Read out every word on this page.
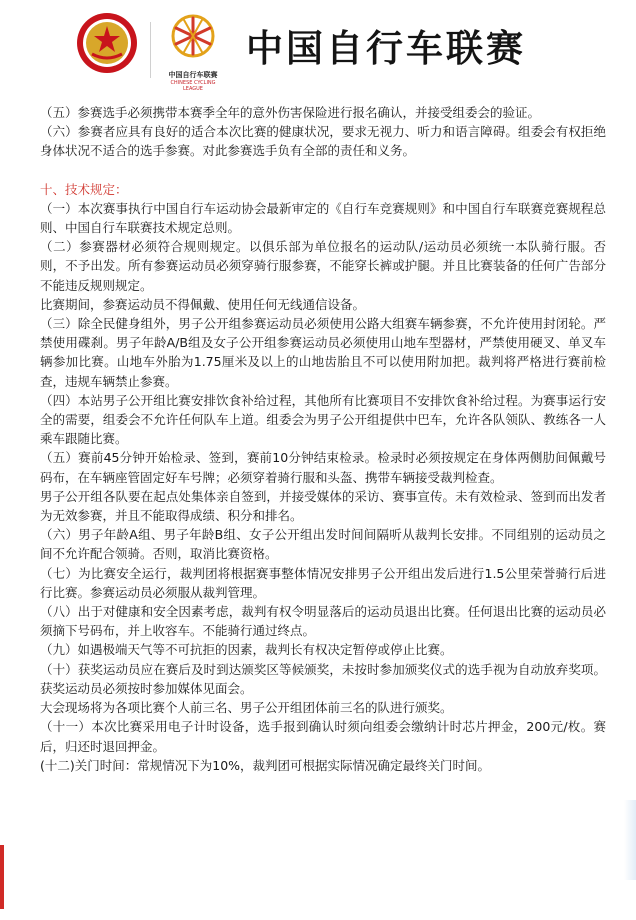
中国自行车联赛
CHINESE CYCLING LEAGUE
中国自行车联赛

（五）参赛选手必须携带本赛季全年的意外伤害保险进行报名确认，并接受组委会的验证。

（六）参赛者应具有良好的适合本次比赛的健康状况，要求无视力、听力和语言障碍。组委会有权拒绝身体状况不适合的选手参赛。对此参赛选手负有全部的责任和义务。

十、技术规定：

（一）本次赛事执行中国自行车运动协会最新审定的《自行车竞赛规则》和中国自行车联赛竞赛规程总则、中国自行车联赛技术规定总则。

（二）参赛器材必须符合规则规定。以俱乐部为单位报名的运动队/运动员必须统一本队骑行服。否则，不予出发。所有参赛运动员必须穿骑行服参赛，不能穿长裤或护腿。并且比赛装备的任何广告部分不能违反规则规定。

比赛期间，参赛运动员不得佩戴、使用任何无线通信设备。

（三）除全民健身组外，男子公开组参赛运动员必须使用公路大组赛车辆参赛，不允许使用封闭轮。严禁使用碟刹。男子年龄A/B组及女子公开组参赛运动员必须使用山地车型器材，严禁使用硬叉、单叉车辆参加比赛。山地车外胎为1.75厘米及以上的山地齿胎且不可以使用附加把。裁判将严格进行赛前检查，违规车辆禁止参赛。

（四）本站男子公开组比赛安排饮食补给过程，其他所有比赛项目不安排饮食补给过程。为赛事运行安全的需要，组委会不允许任何队车上道。组委会为男子公开组提供中巴车，允许各队领队、教练各一人乘车跟随比赛。

（五）赛前45分钟开始检录、签到，赛前10分钟结束检录。检录时必须按规定在身体两侧肋间佩戴号码布，在车辆座管固定好车号牌；必须穿着骑行服和头盔、携带车辆接受裁判检查。

男子公开组各队要在起点处集体亲自签到，并接受媒体的采访、赛事宣传。未有效检录、签到而出发者为无效参赛，并且不能取得成绩、积分和排名。

（六）男子年龄A组、男子年龄B组、女子公开组出发时间间隔听从裁判长安排。不同组别的运动员之间不允许配合领骑。否则，取消比赛资格。

（七）为比赛安全运行，裁判团将根据赛事整体情况安排男子公开组出发后进行1.5公里荣誉骑行后进行比赛。参赛运动员必须服从裁判管理。

（八）出于对健康和安全因素考虑，裁判有权令明显落后的运动员退出比赛。任何退出比赛的运动员必须摘下号码布，并上收容车。不能骑行通过终点。

（九）如遇极端天气等不可抗拒的因素，裁判长有权决定暂停或停止比赛。

（十）获奖运动员应在赛后及时到达颁奖区等候颁奖，未按时参加颁奖仪式的选手视为自动放弃奖项。获奖运动员必须按时参加媒体见面会。

大会现场将为各项比赛个人前三名、男子公开组团体前三名的队进行颁奖。

（十一）本次比赛采用电子计时设备，选手报到确认时须向组委会缴纳计时芯片押金，200元/枚。赛后，归还时退回押金。

(十二)关门时间：常规情况下为10%，裁判团可根据实际情况确定最终关门时间。
